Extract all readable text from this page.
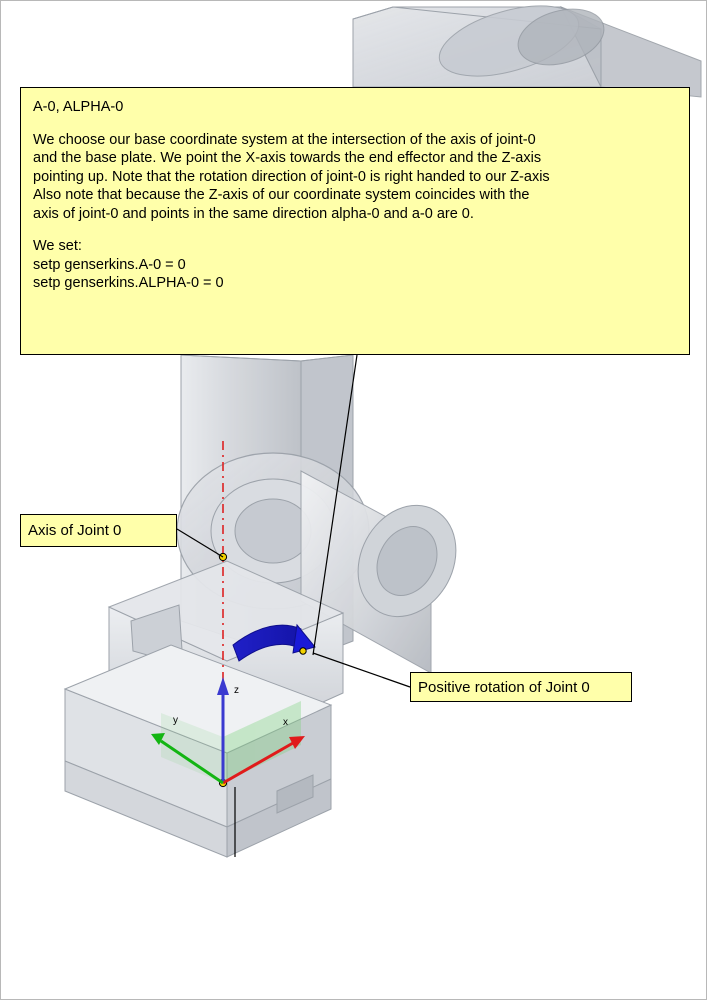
z
x
y
A-0, ALPHA-0
We choose our base coordinate system at the intersection of the axis of joint-0
and the base plate. We point the X-axis towards the end effector and the Z-axis
pointing up. Note that the rotation direction of joint-0 is right handed to our Z-axis
Also note that because the Z-axis of our coordinate system coincides with the
axis of joint-0 and points in the same direction alpha-0 and a-0 are 0.
We set:
setp genserkins.A-0 = 0
setp genserkins.ALPHA-0 = 0
Axis of Joint 0
Positive rotation of Joint 0
